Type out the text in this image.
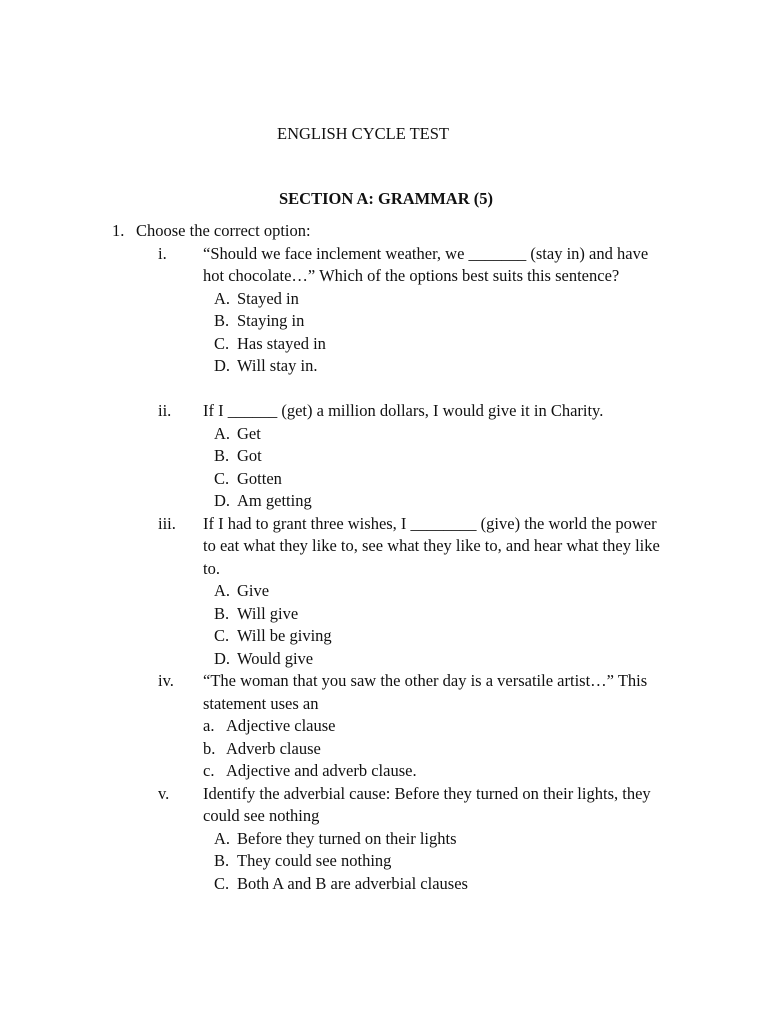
ENGLISH CYCLE TEST
SECTION A: GRAMMAR (5)
1. Choose the correct option:
i.	“Should we face inclement weather, we _______ (stay in) and have hot chocolate…” Which of the options best suits this sentence?
A. Stayed in
B. Staying in
C. Has stayed in
D. Will stay in.
ii.	If I ______ (get) a million dollars, I would give it in Charity.
A. Get
B. Got
C. Gotten
D. Am getting
iii.	If I had to grant three wishes, I ________ (give) the world the power to eat what they like to, see what they like to, and hear what they like to.
A. Give
B. Will give
C. Will be giving
D. Would give
iv.	“The woman that you saw the other day is a versatile artist…” This statement uses an
a. Adjective clause
b. Adverb clause
c. Adjective and adverb clause.
v.	Identify the adverbial cause: Before they turned on their lights, they could see nothing
A. Before they turned on their lights
B. They could see nothing
C. Both A and B are adverbial clauses
